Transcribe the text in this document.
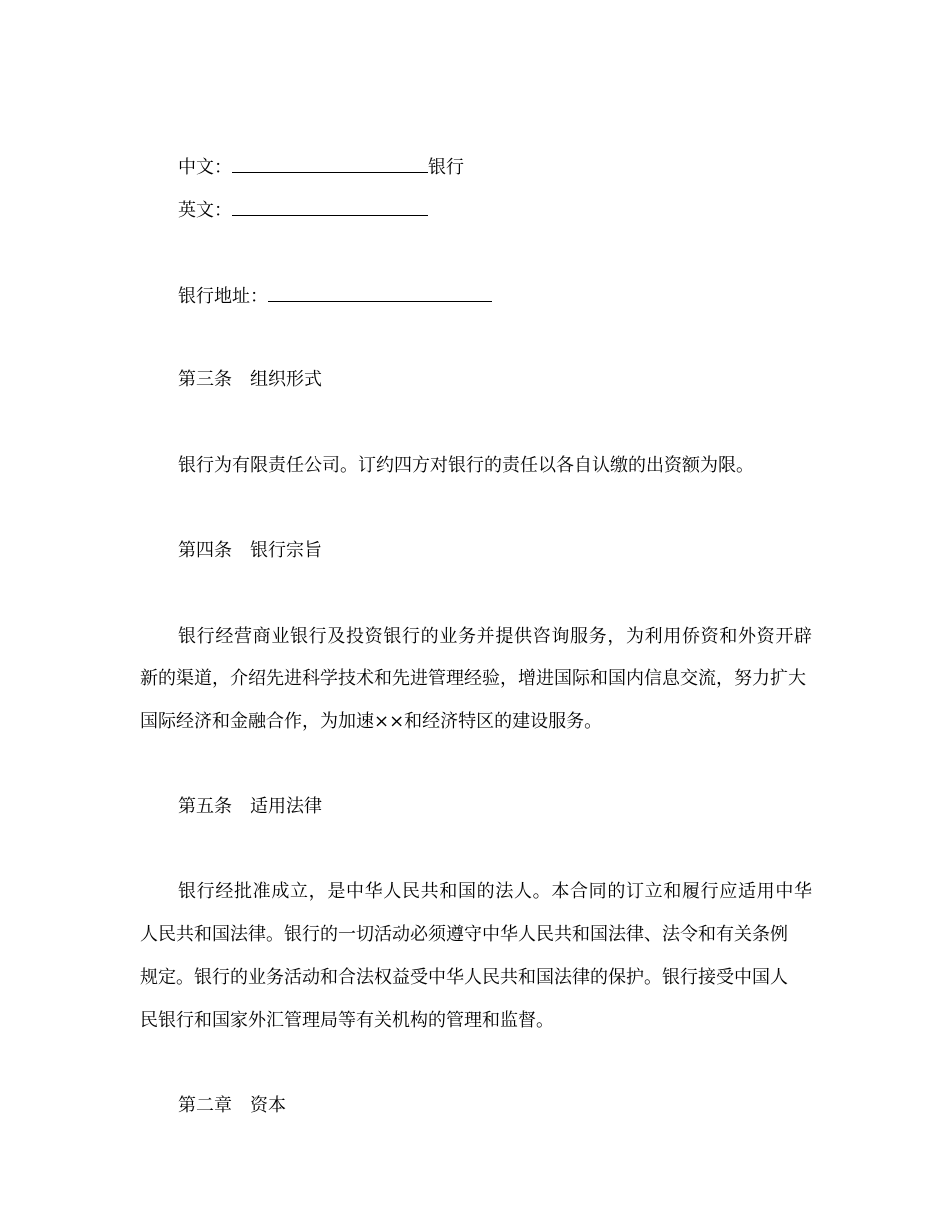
中文：	银行
英文：
银行地址：
第三条　组织形式
银行为有限责任公司。订约四方对银行的责任以各自认缴的出资额为限。
第四条　银行宗旨
银行经营商业银行及投资银行的业务并提供咨询服务，为利用侨资和外资开辟
新的渠道，介绍先进科学技术和先进管理经验，增进国际和国内信息交流，努力扩大
国际经济和金融合作，为加速××和经济特区的建设服务。
第五条　适用法律
银行经批准成立，是中华人民共和国的法人。本合同的订立和履行应适用中华
人民共和国法律。银行的一切活动必须遵守中华人民共和国法律、法令和有关条例
规定。银行的业务活动和合法权益受中华人民共和国法律的保护。银行接受中国人
民银行和国家外汇管理局等有关机构的管理和监督。
第二章　资本
